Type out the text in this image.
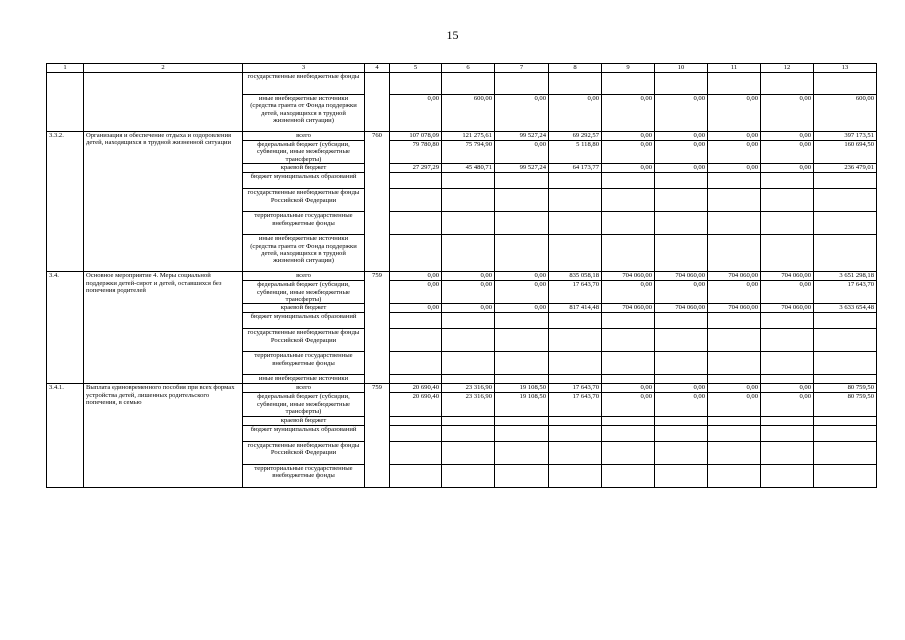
15
1	2	3	4	5	6	7	8	9	10	11	12	13
		государственные внебюджетные фонды										
		иные внебюджетные источники (средства гранта от Фонда поддержки детей, находящихся в трудной жизненной ситуации)		0,00	600,00	0,00	0,00	0,00	0,00	0,00	0,00	600,00
3.3.2.	Организация и обеспечение отдыха и оздоровления детей, находящихся в трудной жизненной ситуации	всего	760	107 078,09	121 275,61	99 527,24	69 292,57	0,00	0,00	0,00	0,00	397 173,51
		федеральный бюджет (субсидии, субвенции, иные межбюджетные трансферты)		79 780,80	75 794,90	0,00	5 118,80	0,00	0,00	0,00	0,00	160 694,50
		краевой бюджет		27 297,29	45 480,71	99 527,24	64 173,77	0,00	0,00	0,00	0,00	236 479,01
		бюджет муниципальных образований										
		государственные внебюджетные фонды Российской Федерации										
		территориальные государственные внебюджетные фонды										
		иные внебюджетные источники (средства гранта от Фонда поддержки детей, находящихся в трудной жизненной ситуации)										
3.4.	Основное мероприятие 4. Меры социальной поддержки детей-сирот и детей, оставшихся без попечения родителей	всего	759	0,00	0,00	0,00	835 058,18	704 060,00	704 060,00	704 060,00	704 060,00	3 651 298,18
		федеральный бюджет (субсидии, субвенции, иные межбюджетные трансферты)		0,00	0,00	0,00	17 643,70	0,00	0,00	0,00	0,00	17 643,70
		краевой бюджет		0,00	0,00	0,00	817 414,48	704 060,00	704 060,00	704 060,00	704 060,00	3 633 654,48
		бюджет муниципальных образований										
		государственные внебюджетные фонды Российской Федерации										
		территориальные государственные внебюджетные фонды										
		иные внебюджетные источники										
3.4.1.	Выплата единовременного пособия при всех формах устройства детей, лишенных родительского попечения, в семью	всего	759	20 690,40	23 316,90	19 108,50	17 643,70	0,00	0,00	0,00	0,00	80 759,50
		федеральный бюджет (субсидии, субвенции, иные межбюджетные трансферты)		20 690,40	23 316,90	19 108,50	17 643,70	0,00	0,00	0,00	0,00	80 759,50
		краевой бюджет										
		бюджет муниципальных образований										
		государственные внебюджетные фонды Российской Федерации										
		территориальные государственные внебюджетные фонды										
